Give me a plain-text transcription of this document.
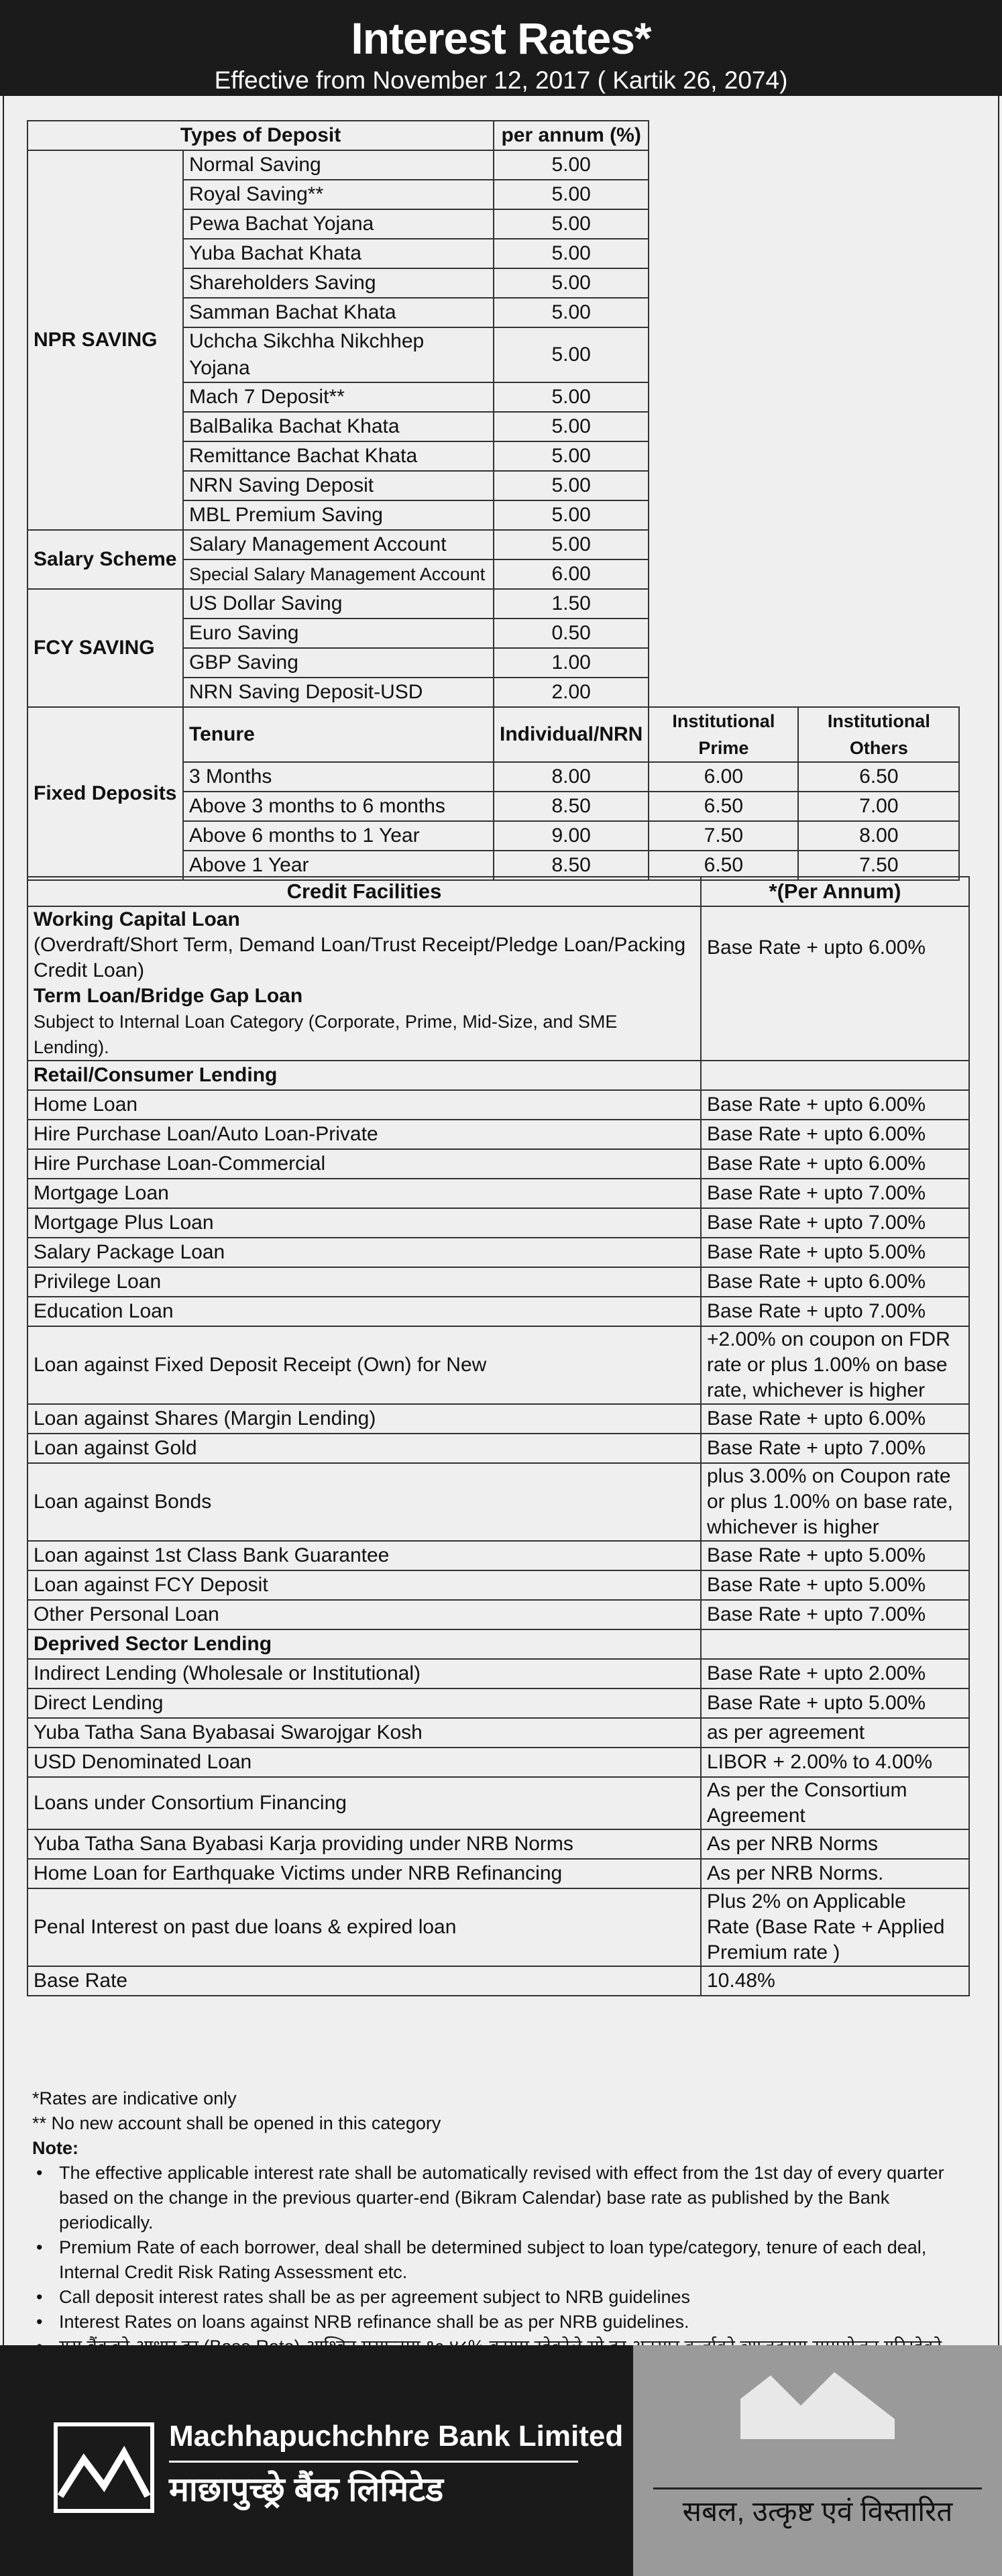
Interest Rates*
Effective from November 12, 2017 ( Kartik 26, 2074)
Types of Deposit		per annum (%)		
NPR SAVING	Normal Saving	5.00		
	Royal Saving**	5.00		
	Pewa Bachat Yojana	5.00		
	Yuba Bachat Khata	5.00		
	Shareholders Saving	5.00		
	Samman Bachat Khata	5.00		
	Uchcha Sikchha Nikchhep Yojana	5.00		
	Mach 7 Deposit**	5.00		
	BalBalika Bachat Khata	5.00		
	Remittance Bachat Khata	5.00		
	NRN Saving Deposit	5.00		
	MBL Premium Saving	5.00		
Salary Scheme	Salary Management Account	5.00		
	Special Salary Management Account	6.00		
FCY SAVING	US Dollar Saving	1.50		
	Euro Saving	0.50		
	GBP Saving	1.00		
	NRN Saving Deposit-USD	2.00		
Fixed Deposits	Tenure	Individual/NRN	Institutional Prime	Institutional Others
	3 Months	8.00	6.00	6.50
	Above 3 months to 6 months	8.50	6.50	7.00
	Above 6 months to 1 Year	9.00	7.50	8.00
	Above 1 Year	8.50	6.50	7.50
Credit Facilities	*(Per Annum)

Working Capital Loan
(Overdraft/Short Term, Demand Loan/Trust Receipt/Pledge Loan/Packing Credit Loan)
Term Loan/Bridge Gap Loan
Subject to Internal Loan Category (Corporate, Prime, Mid-Size, and SME Lending).	Base Rate + upto 6.00%
Retail/Consumer Lending	
Home Loan	Base Rate + upto 6.00%
Hire Purchase Loan/Auto Loan-Private	Base Rate + upto 6.00%
Hire Purchase Loan-Commercial	Base Rate + upto 6.00%
Mortgage Loan	Base Rate + upto 7.00%
Mortgage Plus Loan	Base Rate + upto 7.00%
Salary Package Loan	Base Rate + upto 5.00%
Privilege Loan	Base Rate + upto 6.00%
Education Loan	Base Rate + upto 7.00%
Loan against Fixed Deposit Receipt (Own) for New	+2.00% on coupon on FDR
rate or plus 1.00% on base
rate, whichever is higher

Loan against Shares (Margin Lending)	Base Rate + upto 6.00%
Loan against Gold	Base Rate + upto 7.00%
Loan against Bonds	plus 3.00% on Coupon rate
or plus 1.00% on base rate,
whichever is higher

Loan against 1st Class Bank Guarantee	Base Rate + upto 5.00%
Loan against FCY Deposit	Base Rate + upto 5.00%
Other Personal Loan	Base Rate + upto 7.00%
Deprived Sector Lending	
Indirect Lending (Wholesale or Institutional)	Base Rate + upto 2.00%
Direct Lending	Base Rate + upto 5.00%
Yuba Tatha Sana Byabasai Swarojgar Kosh	as per agreement
USD Denominated Loan	LIBOR + 2.00% to 4.00%
Loans under Consortium Financing	As per the Consortium
Agreement

Yuba Tatha Sana Byabasi Karja providing under NRB Norms	As per NRB Norms
Home Loan for Earthquake Victims under NRB Refinancing	As per NRB Norms.
Penal Interest on past due loans & expired loan	Plus 2% on Applicable
Rate (Base Rate + Applied
Premium rate )

Base Rate	10.48%

*Rates are indicative only

** No new account shall be opened in this category

Note:

• The effective applicable interest rate shall be automatically revised with effect from the 1st day of every quarter based on the change in the previous quarter-end (Bikram Calendar) base rate as published by the Bank periodically.

• Premium Rate of each borrower, deal shall be determined subject to loan type/category, tenure of each deal, Internal Credit Risk Rating Assessment etc.

• Call deposit interest rates shall be as per agreement subject to NRB guidelines

• Interest Rates on loans against NRB refinance shall be as per NRB guidelines.

•

Machhapuchchhre Bank Limited
माछापुच्छ्रे बैंक लिमिटेड
सबल, उत्कृष्ट एवं विस्तारित
